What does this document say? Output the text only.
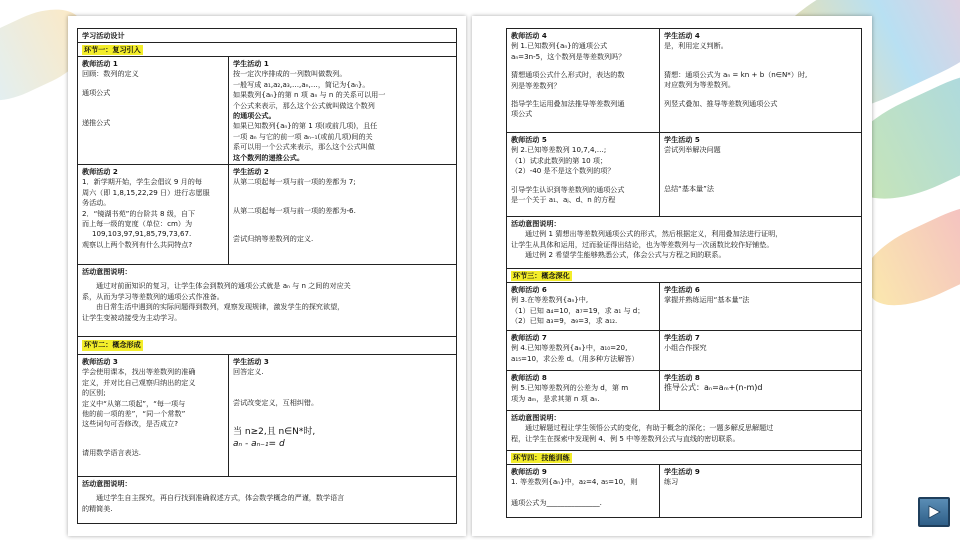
学习活动设计
环节一：复习引入
教师活动 1
回顾：数列的定义
通项公式
递推公式
学生活动 1
按一定次序排成的一列数叫做数列。
一般写成 a₁,a₂,a₃,…,aₙ,…，简记为{aₙ}。
如果数列{aₙ}的第 n 项 aₙ 与 n 的关系可以用一
个公式来表示，那么这个公式就叫做这个数列
的通项公式。
如果已知数列{aₙ}的第 1 项(或前几项)，且任
一项 aₙ 与它的前一项 aₙ₋₁(或前几项)间的关
系可以用一个公式来表示，那么这个公式叫做
这个数列的递推公式。
教师活动 2
1．新学期开始，学生会倡议 9 月的每
周六（即 1,8,15,22,29 日）进行志愿服
务活动。
2．“镜湖书苑”的台阶共 8 级，自下
而上每一级的宽度（单位：cm）为
109,103,97,91,85,79,73,67.
观察以上两个数列有什么共同特点?
学生活动 2
从第二项起每一项与前一项的差都为 7;
从第二项起每一项与前一项的差都为-6.
尝试归纳等差数列的定义.
活动意图说明：
通过对前面知识的复习，让学生体会到数列的通项公式就是 aₙ 与 n 之间的对应关
系，从而为学习等差数列的通项公式作准备。
由日常生活中遇到的实际问题得到数列，观察发现规律，激发学生的探究欲望，
让学生变被动接受为主动学习。
环节二：概念形成
教师活动 3
学会使用课本，找出等差数列的准确
定义，并对比自己观察归纳出的定义
的区别;
定义中“从第二项起”，“每一项与
他的前一项的差”，“同一个常数”
这些词句可否修改，是否成立?
请用数学语言表达.
学生活动 3
回答定义.
尝试改变定义，互相纠错。
当 n≥2,且 n∈N*时,
aₙ - aₙ₋₁= d
活动意图说明：
通过学生自主探究，再自行找到准确叙述方式，体会数学概念的严谨，数学语言
的精简美.
教师活动 4
例 1.已知数列{aₙ}的通项公式
aₙ=3n-5，这个数列是等差数列吗？
猜想通项公式什么形式时，表达的数
列是等差数列？
指导学生运用叠加法推导等差数列通
项公式
学生活动 4
是，利用定义判断。
猜想：通项公式为 aₙ = kn + b（n∈N*）时,
对应数列为等差数列。
列竖式叠加、推导等差数列通项公式
教师活动 5
例 2.已知等差数列 10,7,4,…;
（1）试求此数列的第 10 项；
（2）-40 是不是这个数列的项？
引导学生认识到等差数列的通项公式
是一个关于 a₁、aⱼ、d、n 的方程
学生活动 5
尝试列举解决问题
总结“基本量”法
活动意图说明：
通过例 1 猜想出等差数列通项公式的形式，然后根据定义，利用叠加法进行证明，
让学生从具体和运用，过而验证得出结论，也为等差数列与一次函数比较作好铺垫。
通过例 2 希望学生能够熟悉公式，体会公式与方程之间的联系。
环节三：概念深化
教师活动 6
例 3.在等差数列{aₙ}中,
（1）已知 a₄=10，a₇=19，求 a₁ 与 d；
（2）已知 a₃=9，a₉=3，求 a₁₂.
学生活动 6
掌握并熟练运用“基本量”法
教师活动 7
例 4.已知等差数列{aₙ}中，a₁₀=20,
a₁₅=10，求公差 d。（用多种方法解答）
学生活动 7
小组合作探究
教师活动 8
例 5.已知等差数列的公差为 d，第 m
项为 aₘ，是求其第 n 项 aₙ.
学生活动 8
推导公式：aₙ=aₘ+(n-m)d
活动意图说明：
通过解题过程让学生领悟公式的变化，有助于概念的深化；一题多解反思解题过
程，让学生在探索中发现例 4、例 5 中等差数列公式与直线的密切联系。
环节四：技能训练
教师活动 9
1. 等差数列{aₙ}中，a₂=4, a₅=10，则
通项公式为_______________.
学生活动 9
练习
